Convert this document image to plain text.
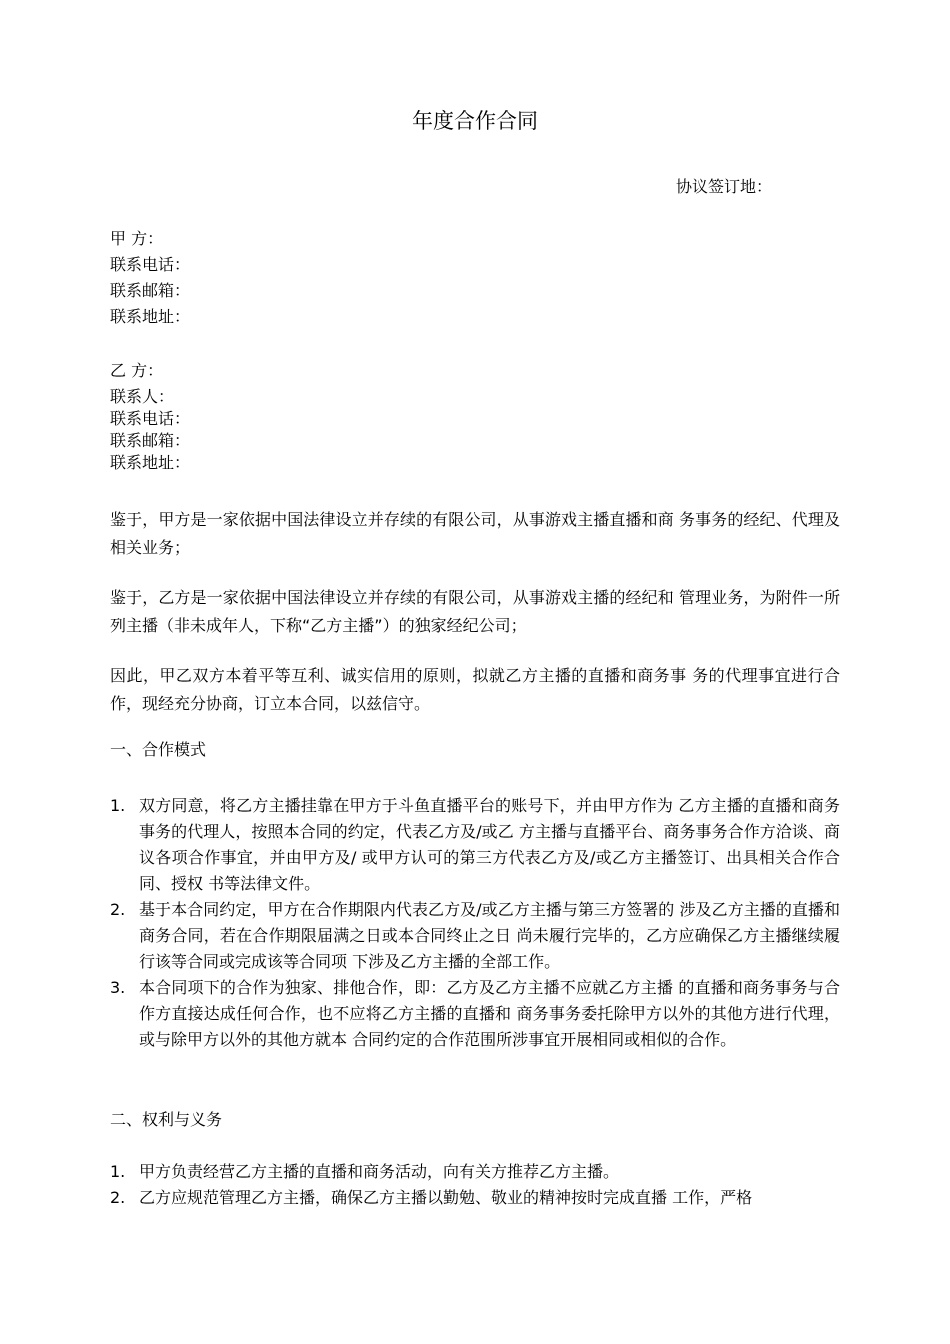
年度合作合同
协议签订地：
甲 方：
联系电话：
联系邮箱：
联系地址：
乙 方：
联系人：
联系电话：
联系邮箱：
联系地址：
鉴于，甲方是一家依据中国法律设立并存续的有限公司，从事游戏主播直播和商 务事务的经纪、代理及相关业务；
鉴于，乙方是一家依据中国法律设立并存续的有限公司，从事游戏主播的经纪和 管理业务，为附件一所列主播（非未成年人，下称“乙方主播”）的独家经纪公司；
因此，甲乙双方本着平等互利、诚实信用的原则，拟就乙方主播的直播和商务事 务的代理事宜进行合作，现经充分协商，订立本合同，以兹信守。
一、合作模式
1. 双方同意，将乙方主播挂靠在甲方于斗鱼直播平台的账号下，并由甲方作为 乙方主播的直播和商务事务的代理人，按照本合同的约定，代表乙方及/或乙 方主播与直播平台、商务事务合作方洽谈、商议各项合作事宜，并由甲方及/ 或甲方认可的第三方代表乙方及/或乙方主播签订、出具相关合作合同、授权 书等法律文件。
2. 基于本合同约定，甲方在合作期限内代表乙方及/或乙方主播与第三方签署的 涉及乙方主播的直播和商务合同，若在合作期限届满之日或本合同终止之日 尚未履行完毕的，乙方应确保乙方主播继续履行该等合同或完成该等合同项 下涉及乙方主播的全部工作。
3. 本合同项下的合作为独家、排他合作，即：乙方及乙方主播不应就乙方主播 的直播和商务事务与合作方直接达成任何合作，也不应将乙方主播的直播和 商务事务委托除甲方以外的其他方进行代理，或与除甲方以外的其他方就本 合同约定的合作范围所涉事宜开展相同或相似的合作。
二、权利与义务
1. 甲方负责经营乙方主播的直播和商务活动，向有关方推荐乙方主播。
2. 乙方应规范管理乙方主播，确保乙方主播以勤勉、敬业的精神按时完成直播 工作，严格
